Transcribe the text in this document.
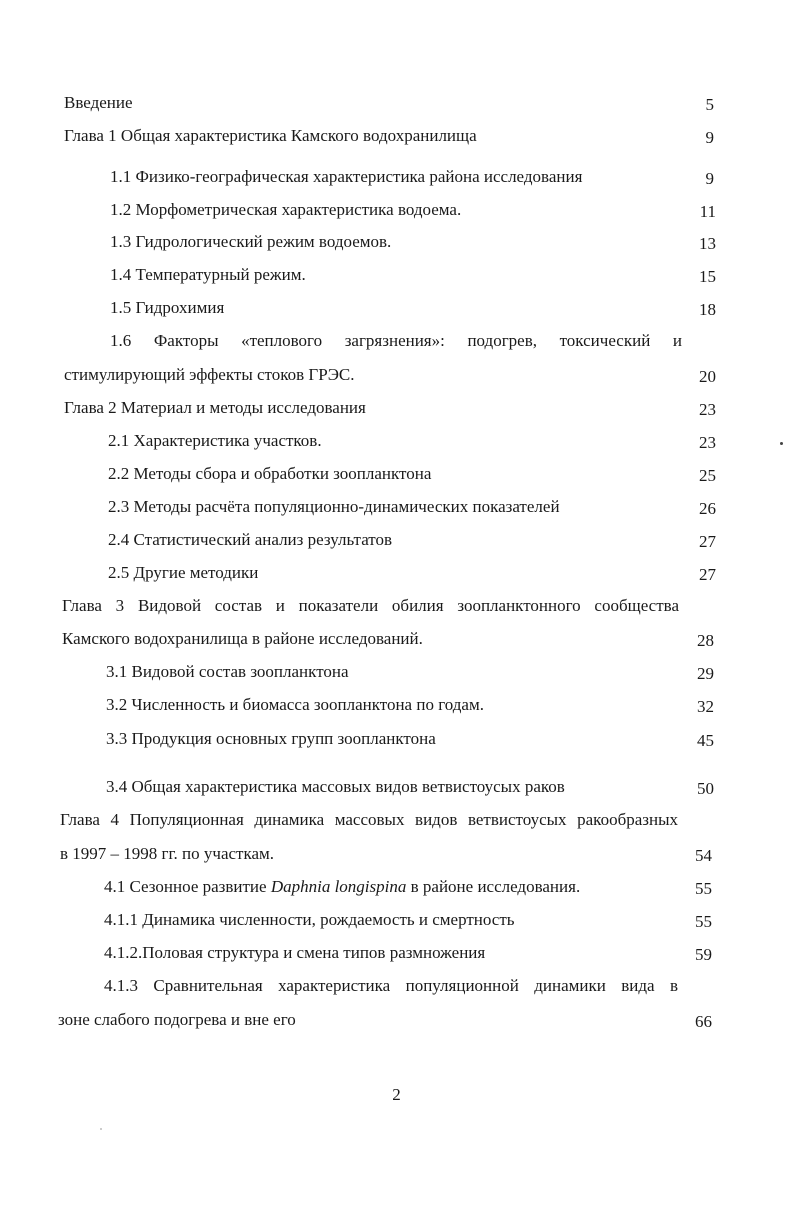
Введение	5
Глава 1 Общая характеристика Камского водохранилища	9
1.1 Физико-географическая характеристика района исследования	9
1.2 Морфометрическая характеристика водоема.	11
1.3 Гидрологический режим водоемов.	13
1.4 Температурный режим.	15
1.5 Гидрохимия	18
1.6 Факторы «теплового загрязнения»: подогрев, токсический и
стимулирующий эффекты стоков ГРЭС.	20
Глава 2 Материал и методы исследования	23
2.1 Характеристика участков.	23
2.2 Методы сбора и обработки зоопланктона	25
2.3 Методы расчёта популяционно-динамических показателей	26
2.4 Статистический анализ результатов	27
2.5 Другие методики	27
Глава 3 Видовой состав и показатели обилия зоопланктонного сообщества
Камского водохранилища в районе исследований.	28
3.1 Видовой состав зоопланктона	29
3.2 Численность и биомасса зоопланктона по годам.	32
3.3 Продукция основных групп зоопланктона	45
3.4 Общая характеристика массовых видов ветвистоусых раков	50
Глава 4 Популяционная динамика массовых видов ветвистоусых ракообразных
в 1997 – 1998 гг. по участкам.	54
4.1 Сезонное развитие Daphnia longispina в районе исследования.	55
4.1.1 Динамика численности, рождаемость и смертность	55
4.1.2.Половая структура и смена типов размножения	59
4.1.3 Сравнительная характеристика популяционной динамики вида в
зоне слабого подогрева и вне его	66
2
